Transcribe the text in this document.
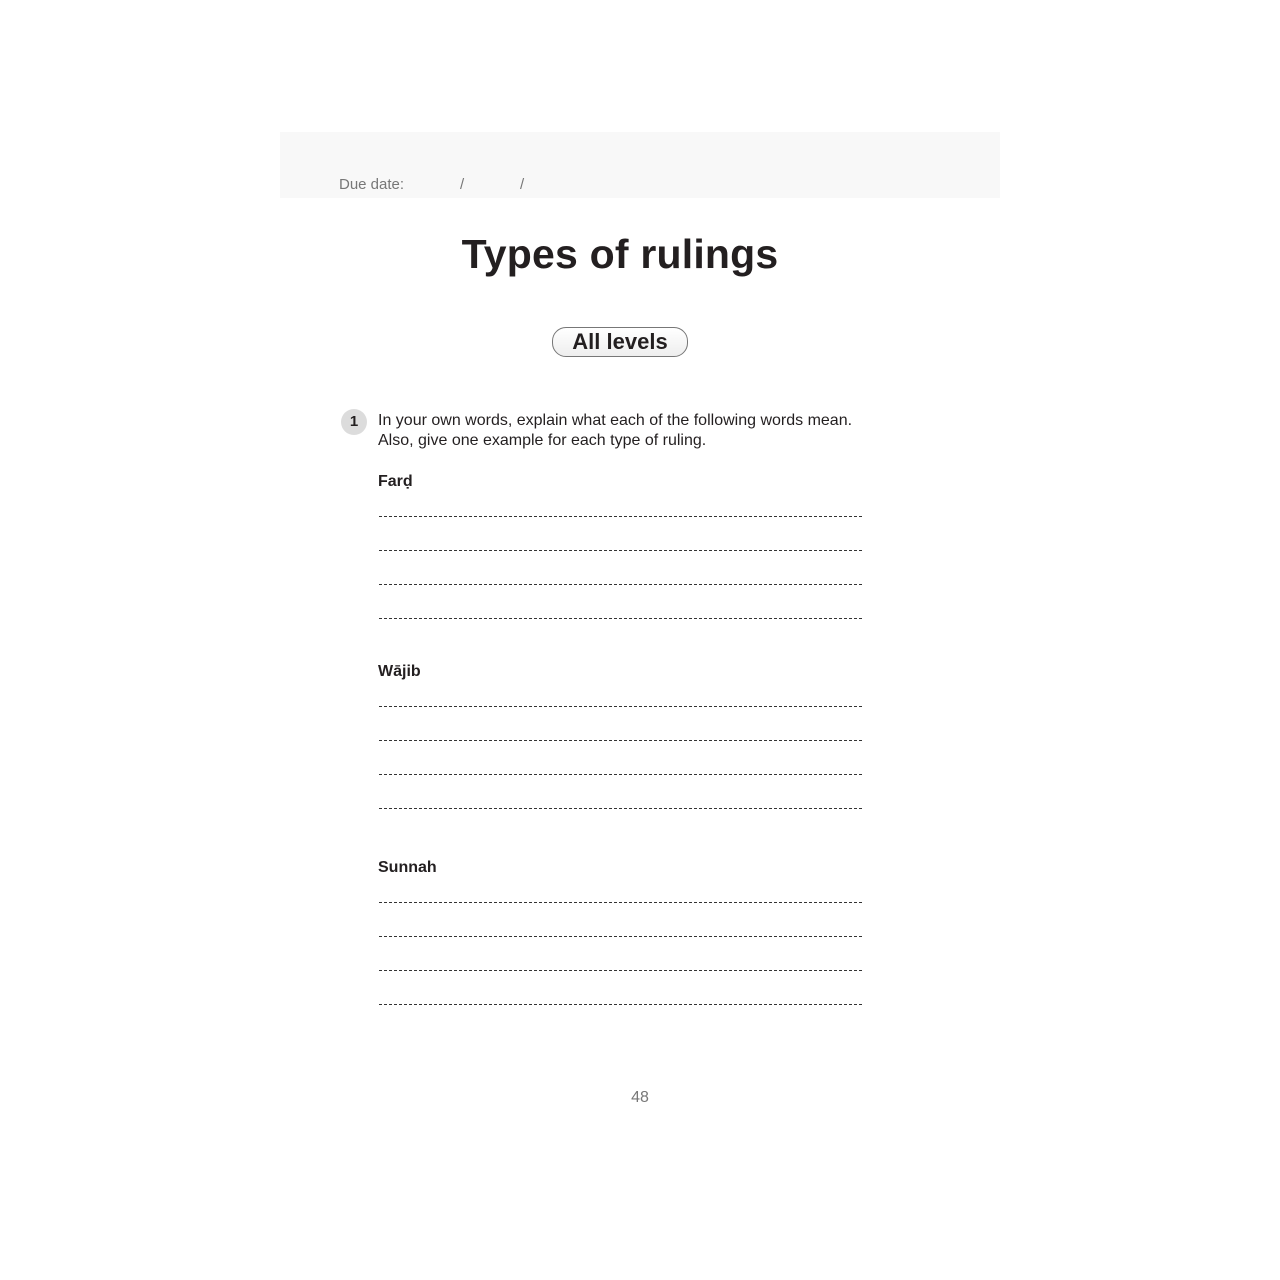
Due date:	/	/
Types of rulings
All levels
1	In your own words, explain what each of the following words mean.
Also, give one example for each type of ruling.
Farḍ
Wājib
Sunnah
48
